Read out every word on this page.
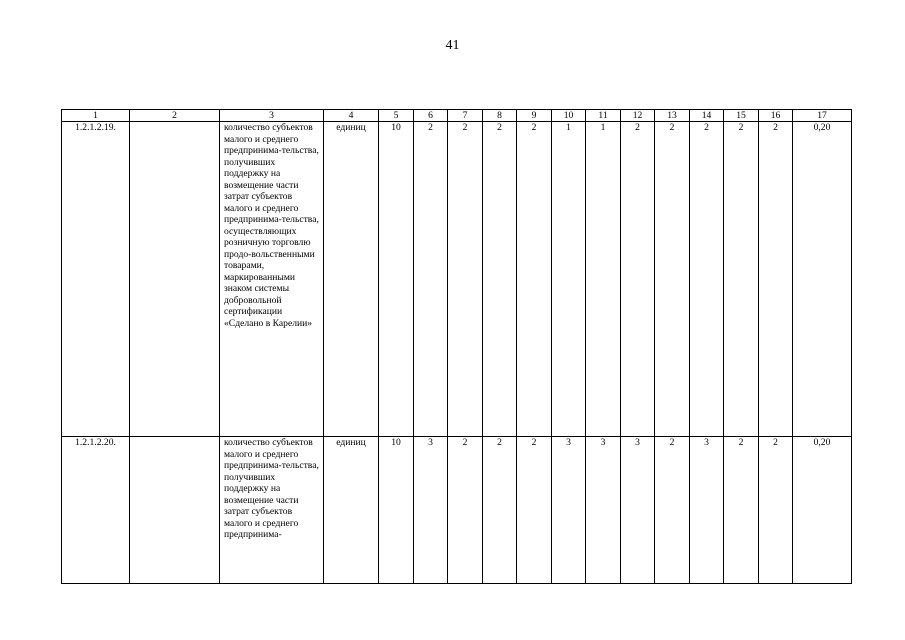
41
1	2	3	4	5	6	7	8	9	10	11	12	13	14	15	16	17
1.2.1.2.19.		количество субъектов малого и среднего предпринима-тельства, получивших поддержку на возмещение части затрат субъектов малого и среднего предпринима-тельства, осуществляющих розничную торговлю продо-вольственными товарами, маркированными знаком системы добровольной сертификации «Сделано в Карелии»	единиц	10	2	2	2	2	1	1	2	2	2	2	2	0,20
1.2.1.2.20.		количество субъектов малого и среднего предпринима-тельства, получивших поддержку на возмещение части затрат субъектов малого и среднего предпринима-	единиц	10	3	2	2	2	3	3	3	2	3	2	2	0,20
